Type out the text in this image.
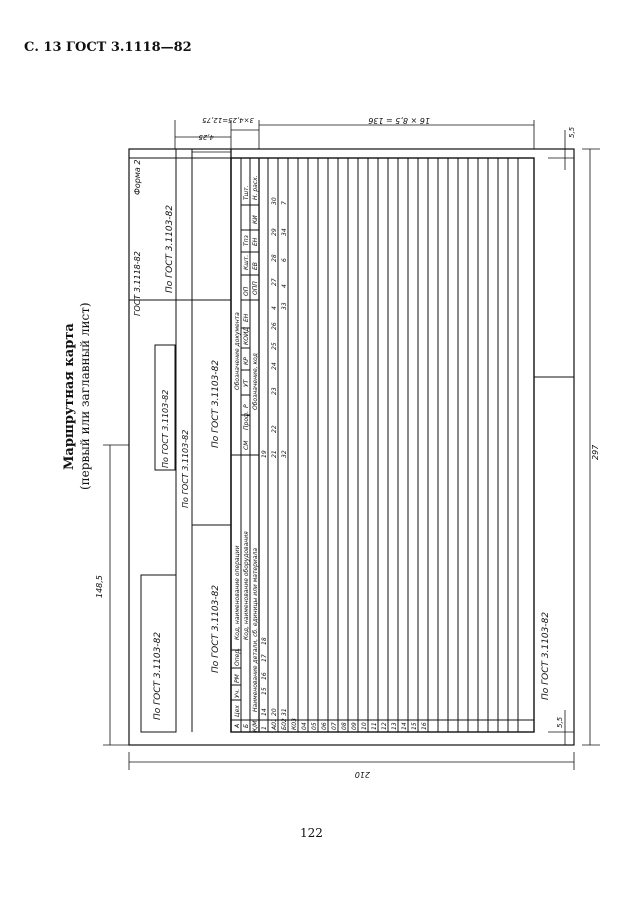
С. 13 ГОСТ 3.1118—82
Маршрутная карта (первый или заглавный лист)
122
По ГОСТ 3.1103-82
По ГОСТ 3.1103-82
По ГОСТ 3.1103-82
По ГОСТ 3.1103-82
По ГОСТ 3.1103-82
По ГОСТ 3.1103-82
ГОСТ 3.1118-82
Форма 2
По ГОСТ 3.1103-82
А
Цех
Уч.
РМ
Опер.
Код, наименование операции
Обозначение документа
Б
Код, наименование оборудования
СМ
Проф.
Р
УТ
КР
КОИД
ЕН
ОП
Кшт.
Тпз
Тшт.
К/М
Наименование детали, сб. единицы или материала
Обозначение, код
ОПП
ЕВ
ЕН
КИ
Н. расх.
14
15
16
17
18
19
20
21
22
23
24
25
26
4
27
28
29
30
31
32
33
4
6
34
7
1 А01 Б02 К03 04 05 06 07 08 09 10 11 12 13 14 15 16
148,5
210
297
4,25
3×4,25=12,75	16 × 8,5 = 136
5,5
5,5
